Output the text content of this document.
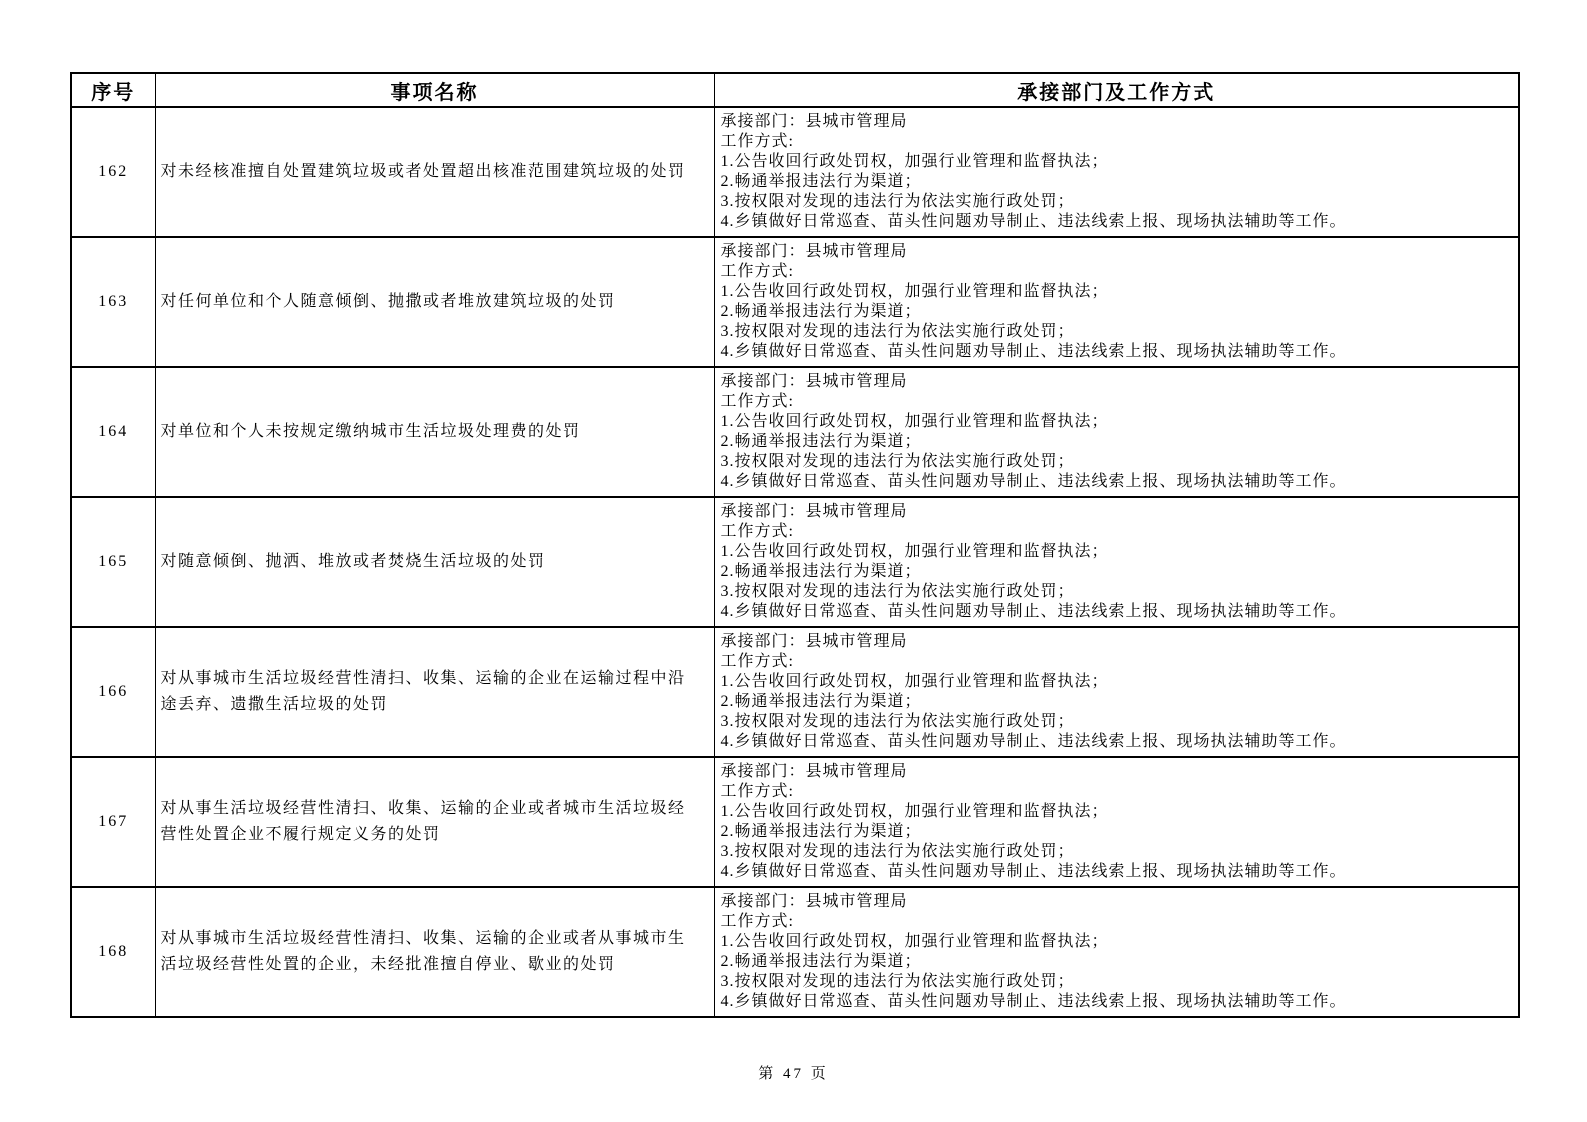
序号	事项名称	承接部门及工作方式
162	对未经核准擅自处置建筑垃圾或者处置超出核准范围建筑垃圾的处罚	
承接部门：县城市管理局
工作方式:
1.公告收回行政处罚权，加强行业管理和监督执法；
2.畅通举报违法行为渠道；
3.按权限对发现的违法行为依法实施行政处罚；
4.乡镇做好日常巡查、苗头性问题劝导制止、违法线索上报、现场执法辅助等工作。

163	对任何单位和个人随意倾倒、抛撒或者堆放建筑垃圾的处罚	
承接部门：县城市管理局
工作方式:
1.公告收回行政处罚权，加强行业管理和监督执法；
2.畅通举报违法行为渠道；
3.按权限对发现的违法行为依法实施行政处罚；
4.乡镇做好日常巡查、苗头性问题劝导制止、违法线索上报、现场执法辅助等工作。

164	对单位和个人未按规定缴纳城市生活垃圾处理费的处罚	
承接部门：县城市管理局
工作方式:
1.公告收回行政处罚权，加强行业管理和监督执法；
2.畅通举报违法行为渠道；
3.按权限对发现的违法行为依法实施行政处罚；
4.乡镇做好日常巡查、苗头性问题劝导制止、违法线索上报、现场执法辅助等工作。

165	对随意倾倒、抛洒、堆放或者焚烧生活垃圾的处罚	
承接部门：县城市管理局
工作方式:
1.公告收回行政处罚权，加强行业管理和监督执法；
2.畅通举报违法行为渠道；
3.按权限对发现的违法行为依法实施行政处罚；
4.乡镇做好日常巡查、苗头性问题劝导制止、违法线索上报、现场执法辅助等工作。

166	对从事城市生活垃圾经营性清扫、收集、运输的企业在运输过程中沿途丢弃、遗撒生活垃圾的处罚	
承接部门：县城市管理局
工作方式:
1.公告收回行政处罚权，加强行业管理和监督执法；
2.畅通举报违法行为渠道；
3.按权限对发现的违法行为依法实施行政处罚；
4.乡镇做好日常巡查、苗头性问题劝导制止、违法线索上报、现场执法辅助等工作。

167	对从事生活垃圾经营性清扫、收集、运输的企业或者城市生活垃圾经营性处置企业不履行规定义务的处罚	
承接部门：县城市管理局
工作方式:
1.公告收回行政处罚权，加强行业管理和监督执法；
2.畅通举报违法行为渠道；
3.按权限对发现的违法行为依法实施行政处罚；
4.乡镇做好日常巡查、苗头性问题劝导制止、违法线索上报、现场执法辅助等工作。

168	对从事城市生活垃圾经营性清扫、收集、运输的企业或者从事城市生活垃圾经营性处置的企业，未经批准擅自停业、歇业的处罚	
承接部门：县城市管理局
工作方式:
1.公告收回行政处罚权，加强行业管理和监督执法；
2.畅通举报违法行为渠道；
3.按权限对发现的违法行为依法实施行政处罚；
4.乡镇做好日常巡查、苗头性问题劝导制止、违法线索上报、现场执法辅助等工作。
第 47 页
